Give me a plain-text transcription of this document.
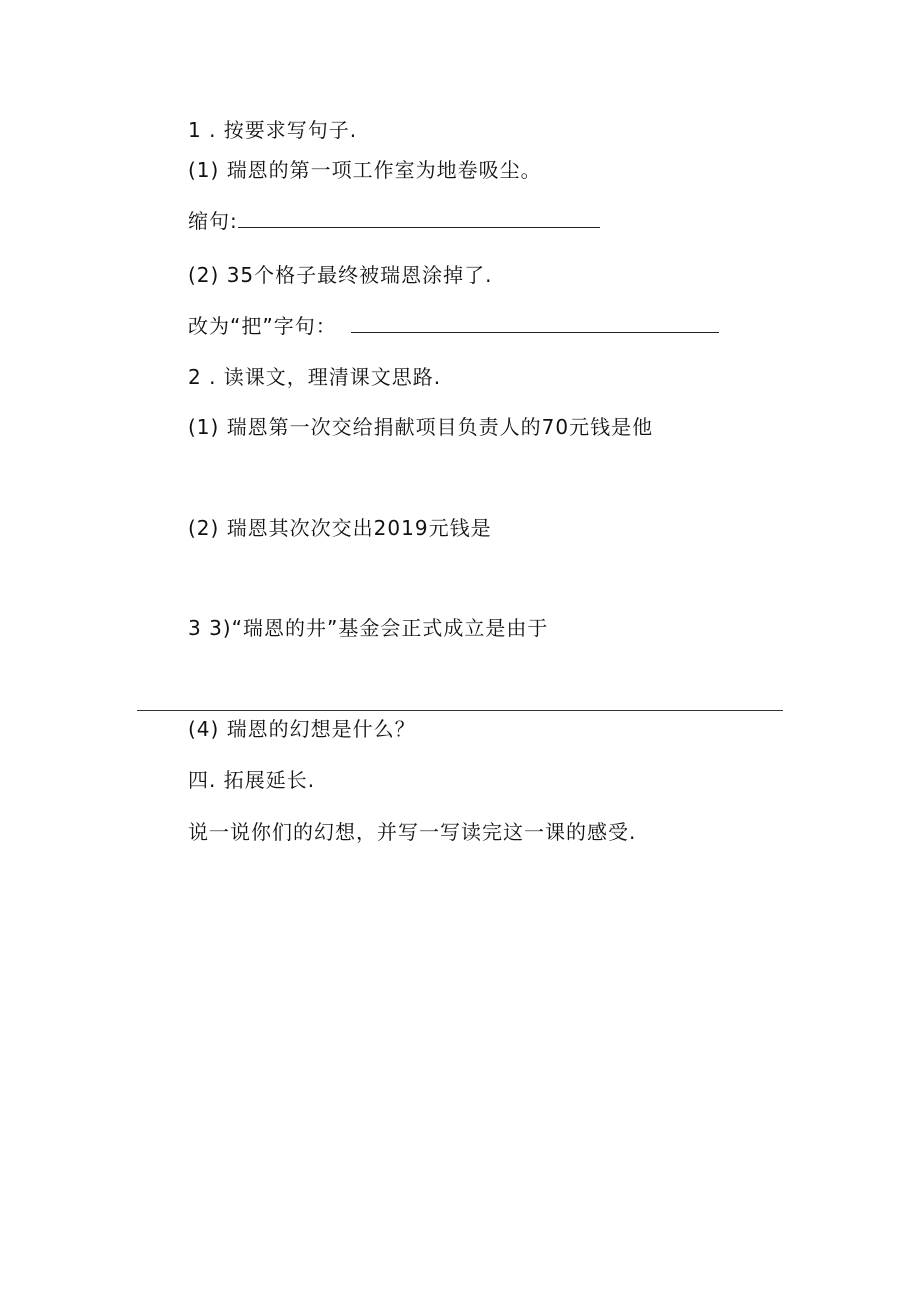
1 . 按要求写句子.
(1) 瑞恩的第一项工作室为地卷吸尘。
缩句:
(2) 35个格子最终被瑞恩涂掉了.
改为“把”字句：
2 . 读课文，理清课文思路.
(1) 瑞恩第一次交给捐献项目负责人的70元钱是他
(2) 瑞恩其次次交出2019元钱是
3 3)“瑞恩的井”基金会正式成立是由于
(4) 瑞恩的幻想是什么？
四. 拓展延长.
说一说你们的幻想，并写一写读完这一课的感受.
